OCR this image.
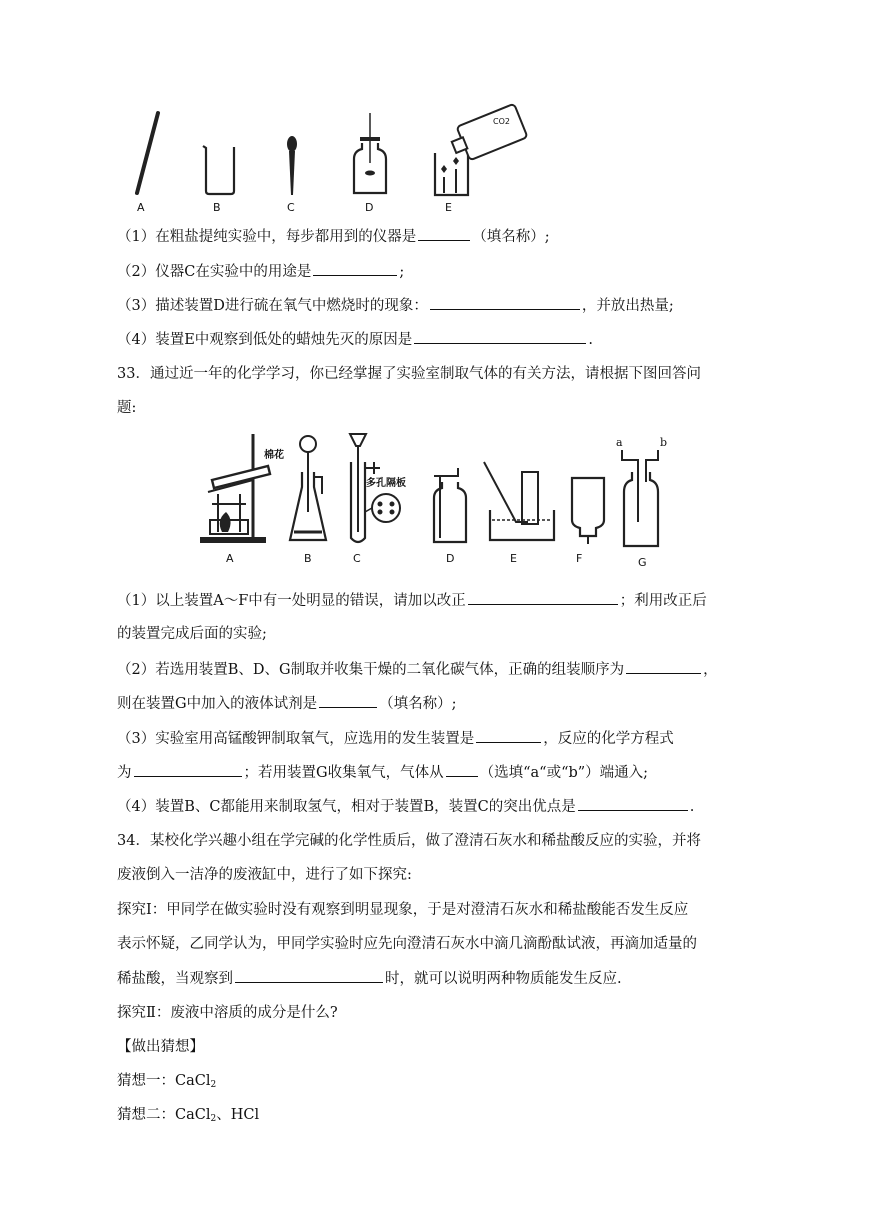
CO2
A	B	C	D	E
（1）在粗盐提纯实验中，每步都用到的仪器是	（填名称）;
（2）仪器C在实验中的用途是	;
（3）描述装置D进行硫在氧气中燃烧时的现象：	，并放出热量;
（4）装置E中观察到低处的蜡烛先灭的原因是	.
33．通过近一年的化学学习，你已经掌握了实验室制取气体的有关方法，请根据下图回答问
题:
棉花
多孔隔板
a	b
A	B	C	D	E	F	G
（1）以上装置A～F中有一处明显的错误，请加以改正	；利用改正后
的装置完成后面的实验;
（2）若选用装置B、D、G制取并收集干燥的二氧化碳气体，正确的组装顺序为	，
则在装置G中加入的液体试剂是	（填名称）;
（3）实验室用高锰酸钾制取氧气，应选用的发生装置是	，反应的化学方程式
为	；若用装置G收集氧气，气体从 （选填“a“或“b”）端通入;
（4）装置B、C都能用来制取氢气，相对于装置B，装置C的突出优点是	.
34．某校化学兴趣小组在学完碱的化学性质后，做了澄清石灰水和稀盐酸反应的实验，并将
废液倒入一洁净的废液缸中，进行了如下探究:
探究Ⅰ：甲同学在做实验时没有观察到明显现象，于是对澄清石灰水和稀盐酸能否发生反应
表示怀疑，乙同学认为，甲同学实验时应先向澄清石灰水中滴几滴酚酞试液，再滴加适量的
稀盐酸，当观察到	时，就可以说明两种物质能发生反应.
探究Ⅱ：废液中溶质的成分是什么?
【做出猜想】
猜想一：CaCl$_2$
猜想二：CaCl$_2$、HCl
